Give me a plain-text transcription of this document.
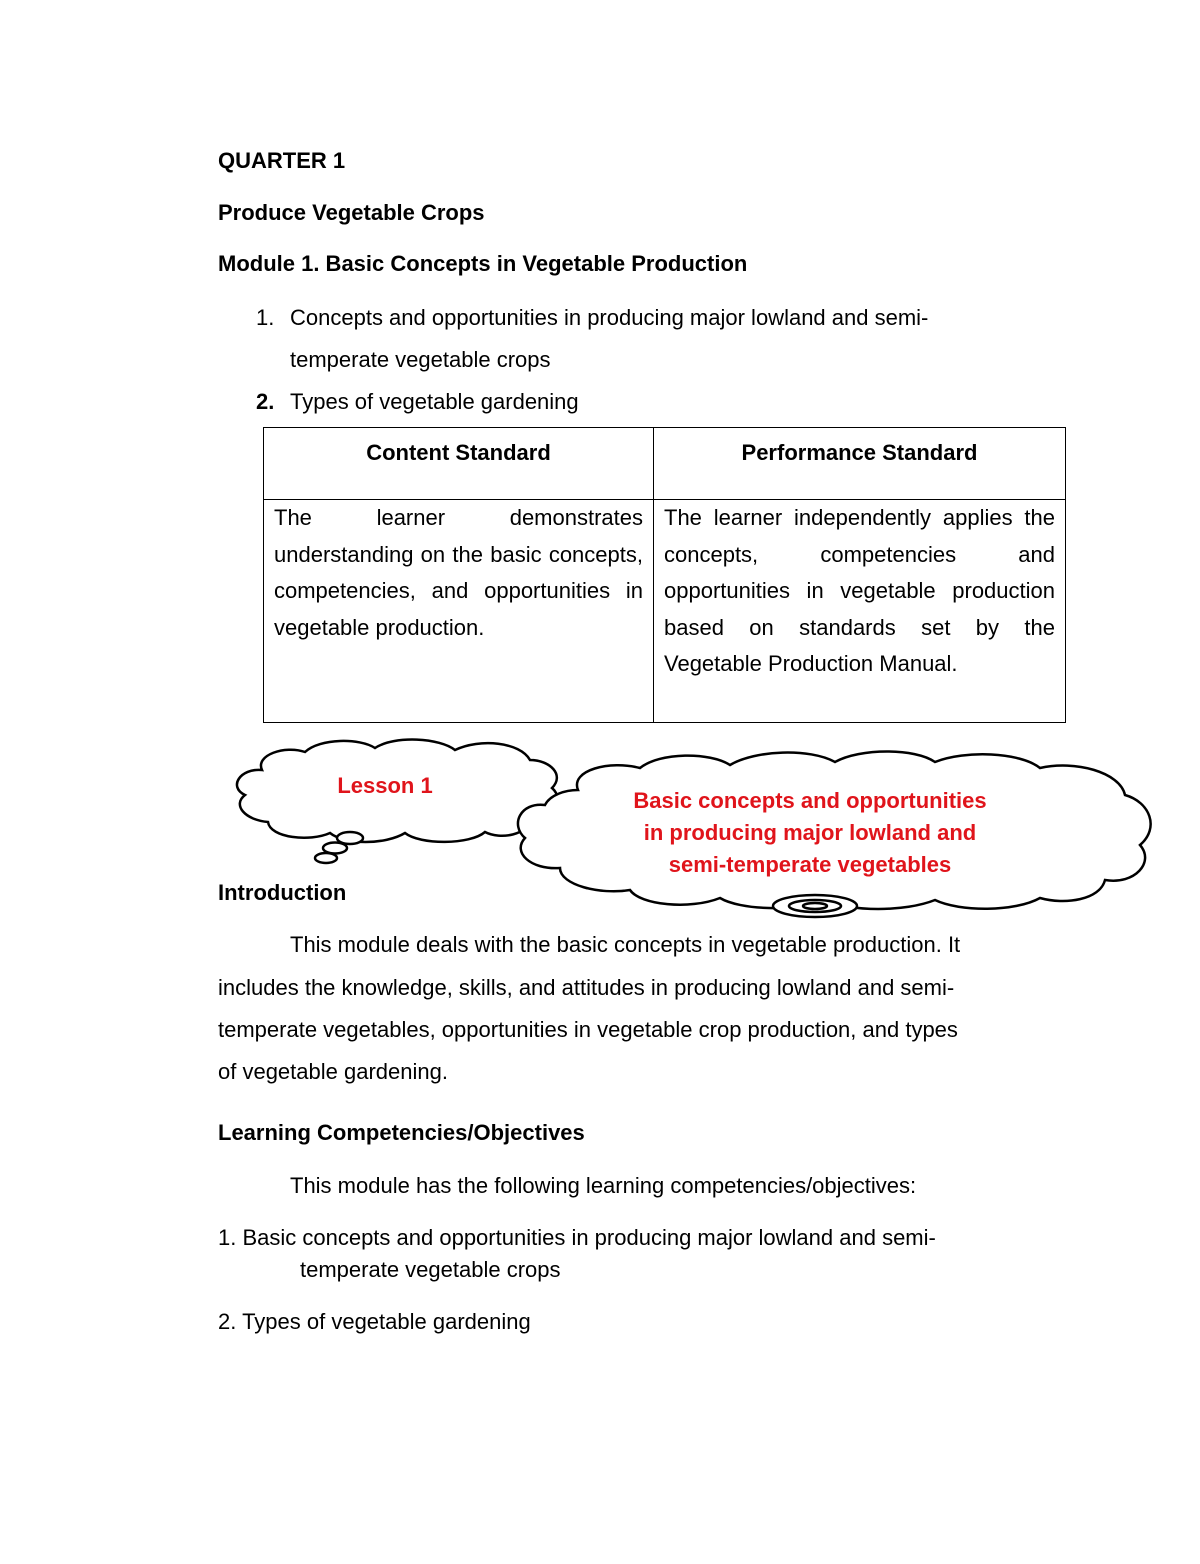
QUARTER 1
Produce Vegetable Crops
Module 1. Basic Concepts in Vegetable Production
1. Concepts and opportunities in producing major lowland and semi-
temperate vegetable crops
2. Types of vegetable gardening
Content Standard	Performance Standard
The learner demonstrates understanding on the basic concepts, competencies, and opportunities in vegetable production.	The learner independently applies the concepts, competencies and opportunities in vegetable production based on standards set by the Vegetable Production Manual.
Lesson 1
Basic concepts and opportunities
in producing major lowland and
semi-temperate vegetables
Introduction
This module deals with the basic concepts in vegetable production. It
includes the knowledge, skills, and attitudes in producing lowland and semi-
temperate vegetables, opportunities in vegetable crop production, and types
of vegetable gardening.
Learning Competencies/Objectives
This module has the following learning competencies/objectives:
1. Basic concepts and opportunities in producing major lowland and semi-
temperate vegetable crops
2. Types of vegetable gardening
